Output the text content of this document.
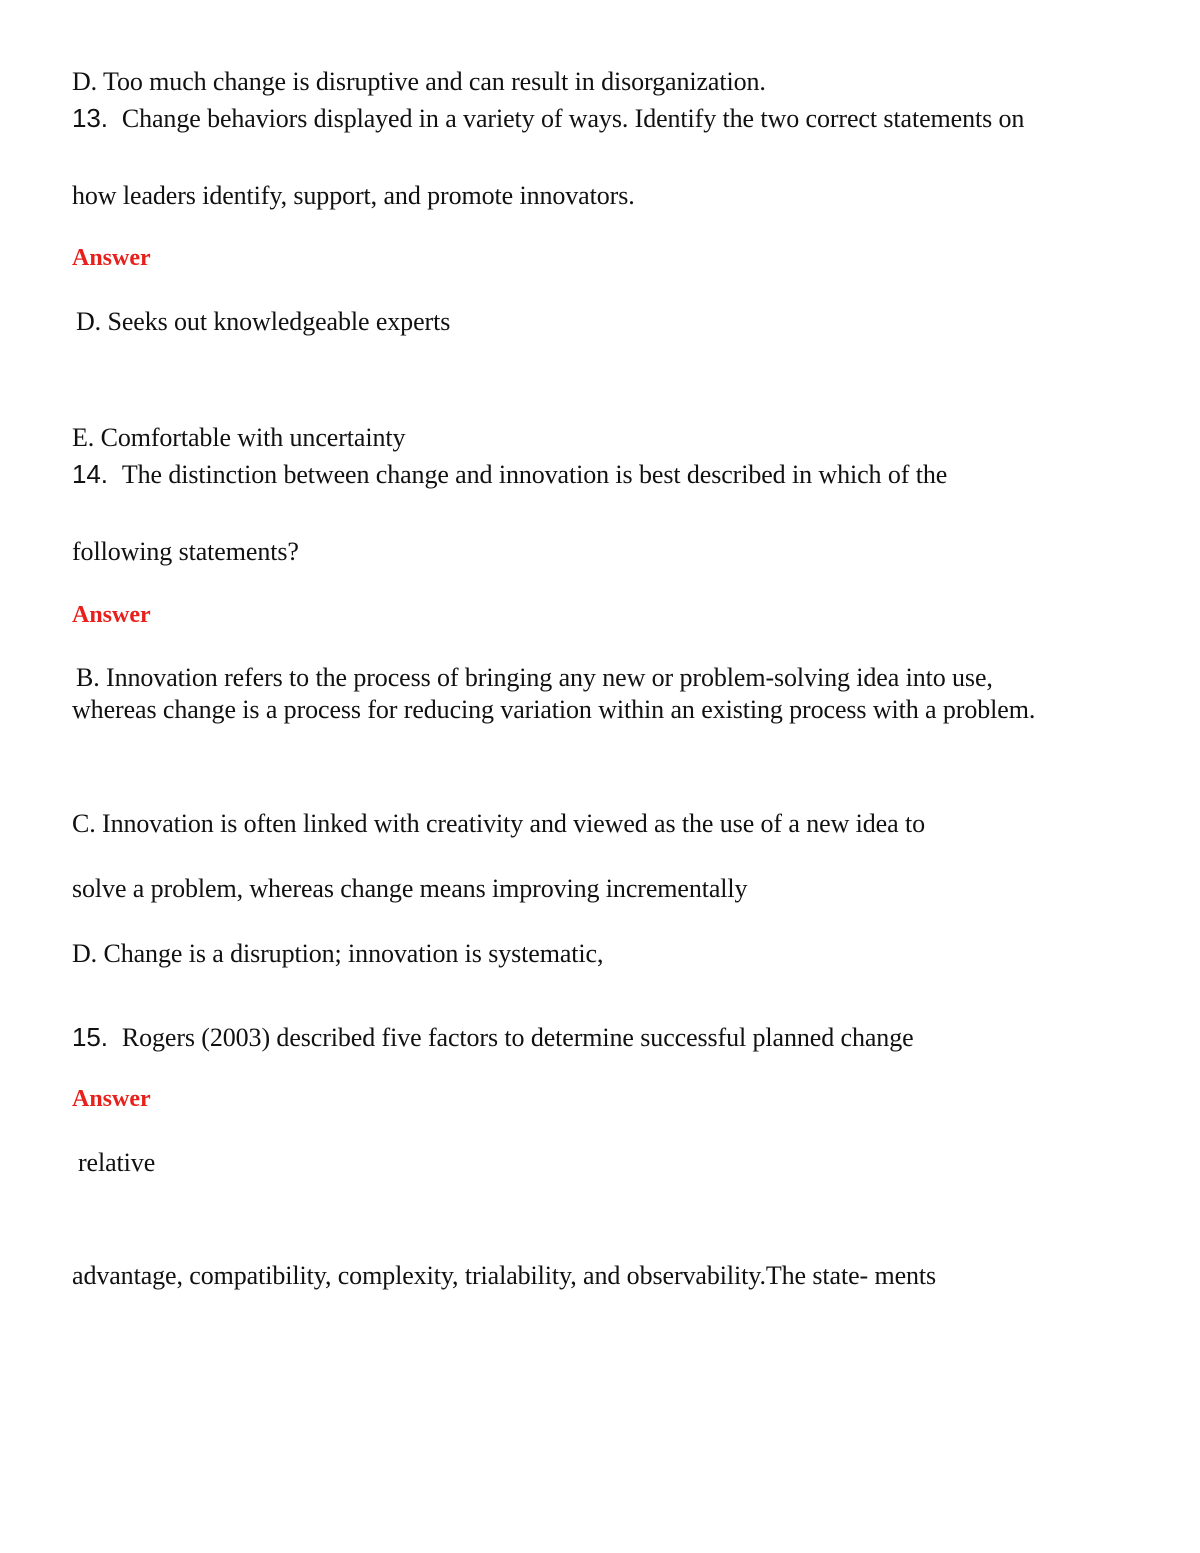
D. Too much change is disruptive and can result in disorganization.
13. Change behaviors displayed in a variety of ways. Identify the two correct statements on
how leaders identify, support, and promote innovators.
Answer
D. Seeks out knowledgeable experts
E. Comfortable with uncertainty
14. The distinction between change and innovation is best described in which of the
following statements?
Answer
B. Innovation refers to the process of bringing any new or problem-solving idea into use,
whereas change is a process for reducing variation within an existing process with a problem.
C. Innovation is often linked with creativity and viewed as the use of a new idea to
solve a problem, whereas change means improving incrementally
D. Change is a disruption; innovation is systematic,
15. Rogers (2003) described five factors to determine successful planned change
Answer
relative
advantage, compatibility, complexity, trialability, and observability.The state- ments
